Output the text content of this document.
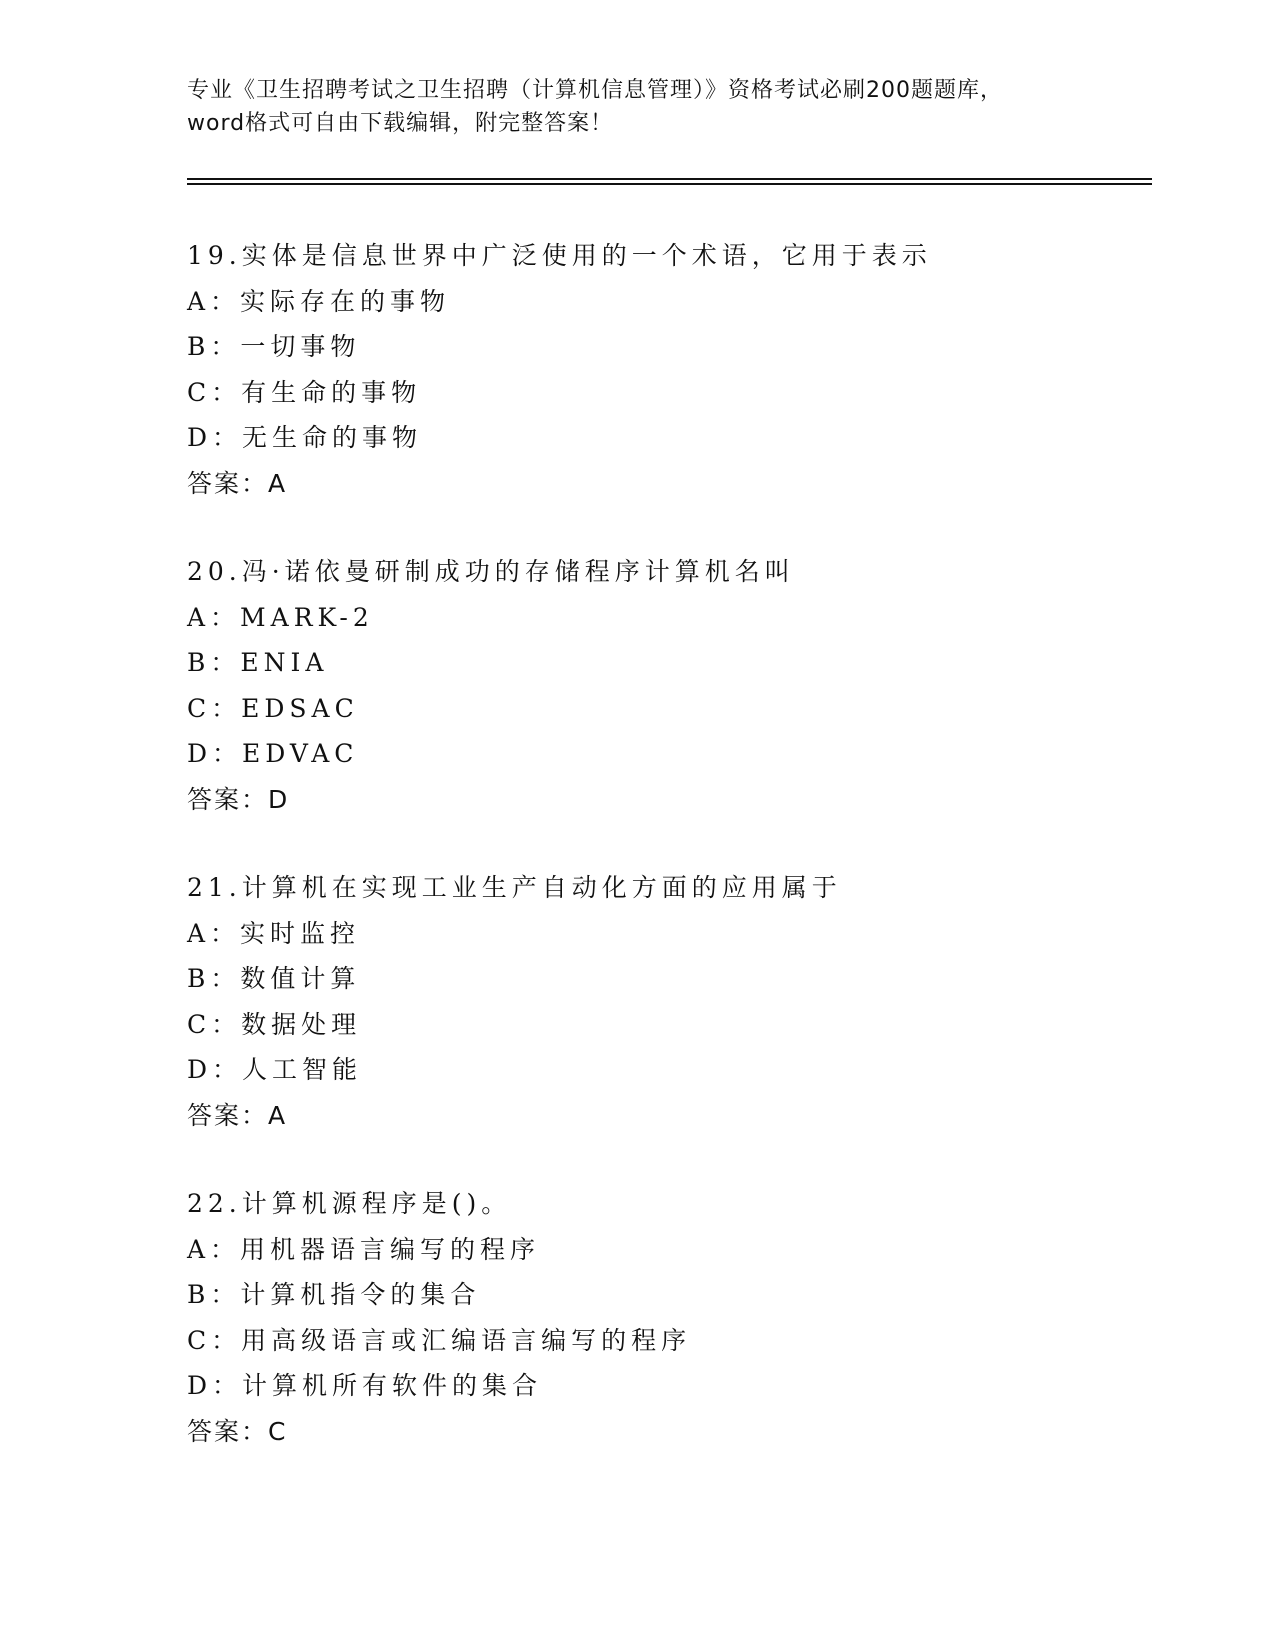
专业《卫生招聘考试之卫生招聘（计算机信息管理）》资格考试必刷200题题库，
word格式可自由下载编辑，附完整答案！
19.实体是信息世界中广泛使用的一个术语，它用于表示
A：实际存在的事物
B：一切事物
C：有生命的事物
D：无生命的事物
答案：A
20.冯·诺依曼研制成功的存储程序计算机名叫
A：MARK-2
B：ENIA
C：EDSAC
D：EDVAC
答案：D
21.计算机在实现工业生产自动化方面的应用属于
A：实时监控
B：数值计算
C：数据处理
D：人工智能
答案：A
22.计算机源程序是()。
A：用机器语言编写的程序
B：计算机指令的集合
C：用高级语言或汇编语言编写的程序
D：计算机所有软件的集合
答案：C
